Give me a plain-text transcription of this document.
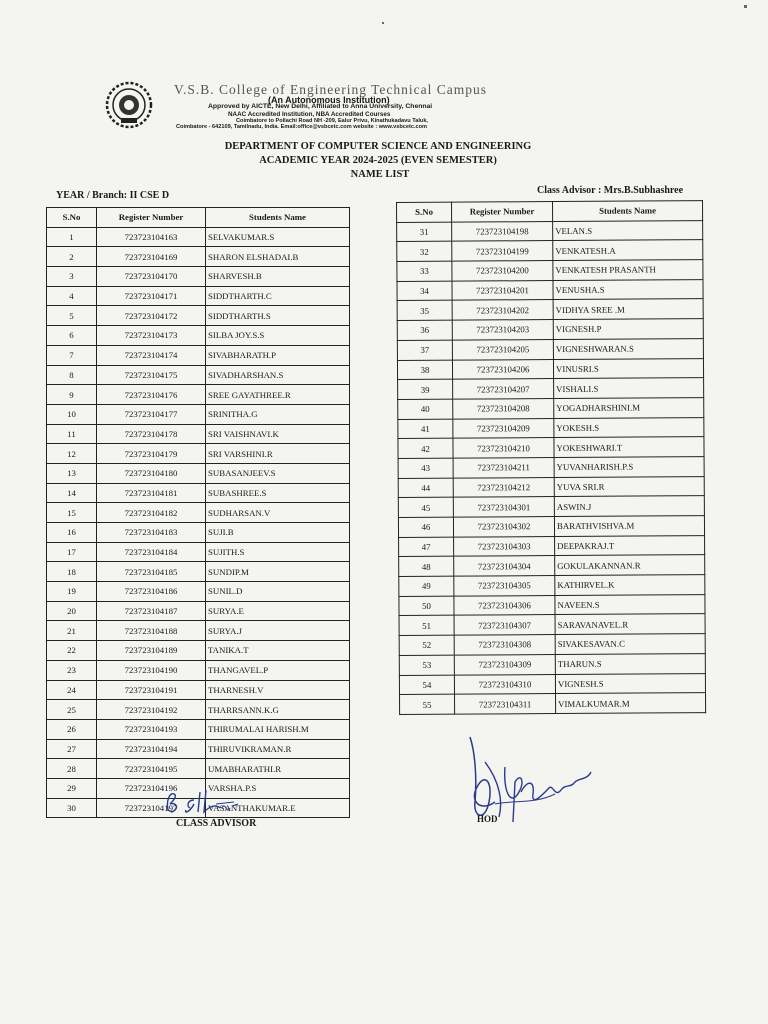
V.S.B. College of Engineering Technical Campus
(An Autonomous Institution)
Approved by AICTE, New Delhi, Affiliated to Anna University, Chennai
NAAC Accredited Institution, NBA Accredited Courses
Coimbatore to Pollachi Road NH -209, Ealur Privu, Kinathukadavu Taluk,
Coimbatore - 642109, Tamilnadu, India. Email:office@vsbcetc.com website : www.vsbcetc.com
DEPARTMENT OF COMPUTER SCIENCE AND ENGINEERING
ACADEMIC YEAR 2024-2025 (EVEN SEMESTER)
NAME LIST
YEAR / Branch: II CSE D	Class Advisor : Mrs.B.Subhashree
S.No	Register Number	Students Name
1	723723104163	SELVAKUMAR.S
2	723723104169	SHARON ELSHADAI.B
3	723723104170	SHARVESH.B
4	723723104171	SIDDTHARTH.C
5	723723104172	SIDDTHARTH.S
6	723723104173	SILBA JOY.S.S
7	723723104174	SIVABHARATH.P
8	723723104175	SIVADHARSHAN.S
9	723723104176	SREE GAYATHREE.R
10	723723104177	SRINITHA.G
11	723723104178	SRI VAISHNAVI.K
12	723723104179	SRI VARSHINI.R
13	723723104180	SUBASANJEEV.S
14	723723104181	SUBASHREE.S
15	723723104182	SUDHARSAN.V
16	723723104183	SUJI.B
17	723723104184	SUJITH.S
18	723723104185	SUNDIP.M
19	723723104186	SUNIL.D
20	723723104187	SURYA.E
21	723723104188	SURYA.J
22	723723104189	TANIKA.T
23	723723104190	THANGAVEL.P
24	723723104191	THARNESH.V
25	723723104192	THARRSANN.K.G
26	723723104193	THIRUMALAI HARISH.M
27	723723104194	THIRUVIKRAMAN.R
28	723723104195	UMABHARATHI.R
29	723723104196	VARSHA.P.S
30	723723104197	VASANTHAKUMAR.E
S.No	Register Number	Students Name
31	723723104198	VELAN.S
32	723723104199	VENKATESH.A
33	723723104200	VENKATESH PRASANTH
34	723723104201	VENUSHA.S
35	723723104202	VIDHYA SREE .M
36	723723104203	VIGNESH.P
37	723723104205	VIGNESHWARAN.S
38	723723104206	VINUSRI.S
39	723723104207	VISHALI.S
40	723723104208	YOGADHARSHINI.M
41	723723104209	YOKESH.S
42	723723104210	YOKESHWARI.T
43	723723104211	YUVANHARISH.P.S
44	723723104212	YUVA SRI.R
45	723723104301	ASWIN.J
46	723723104302	BARATHVISHVA.M
47	723723104303	DEEPAKRAJ.T
48	723723104304	GOKULAKANNAN.R
49	723723104305	KATHIRVEL.K
50	723723104306	NAVEEN.S
51	723723104307	SARAVANAVEL.R
52	723723104308	SIVAKESAVAN.C
53	723723104309	THARUN.S
54	723723104310	VIGNESH.S
55	723723104311	VIMALKUMAR.M
CLASS ADVISOR	HOD
